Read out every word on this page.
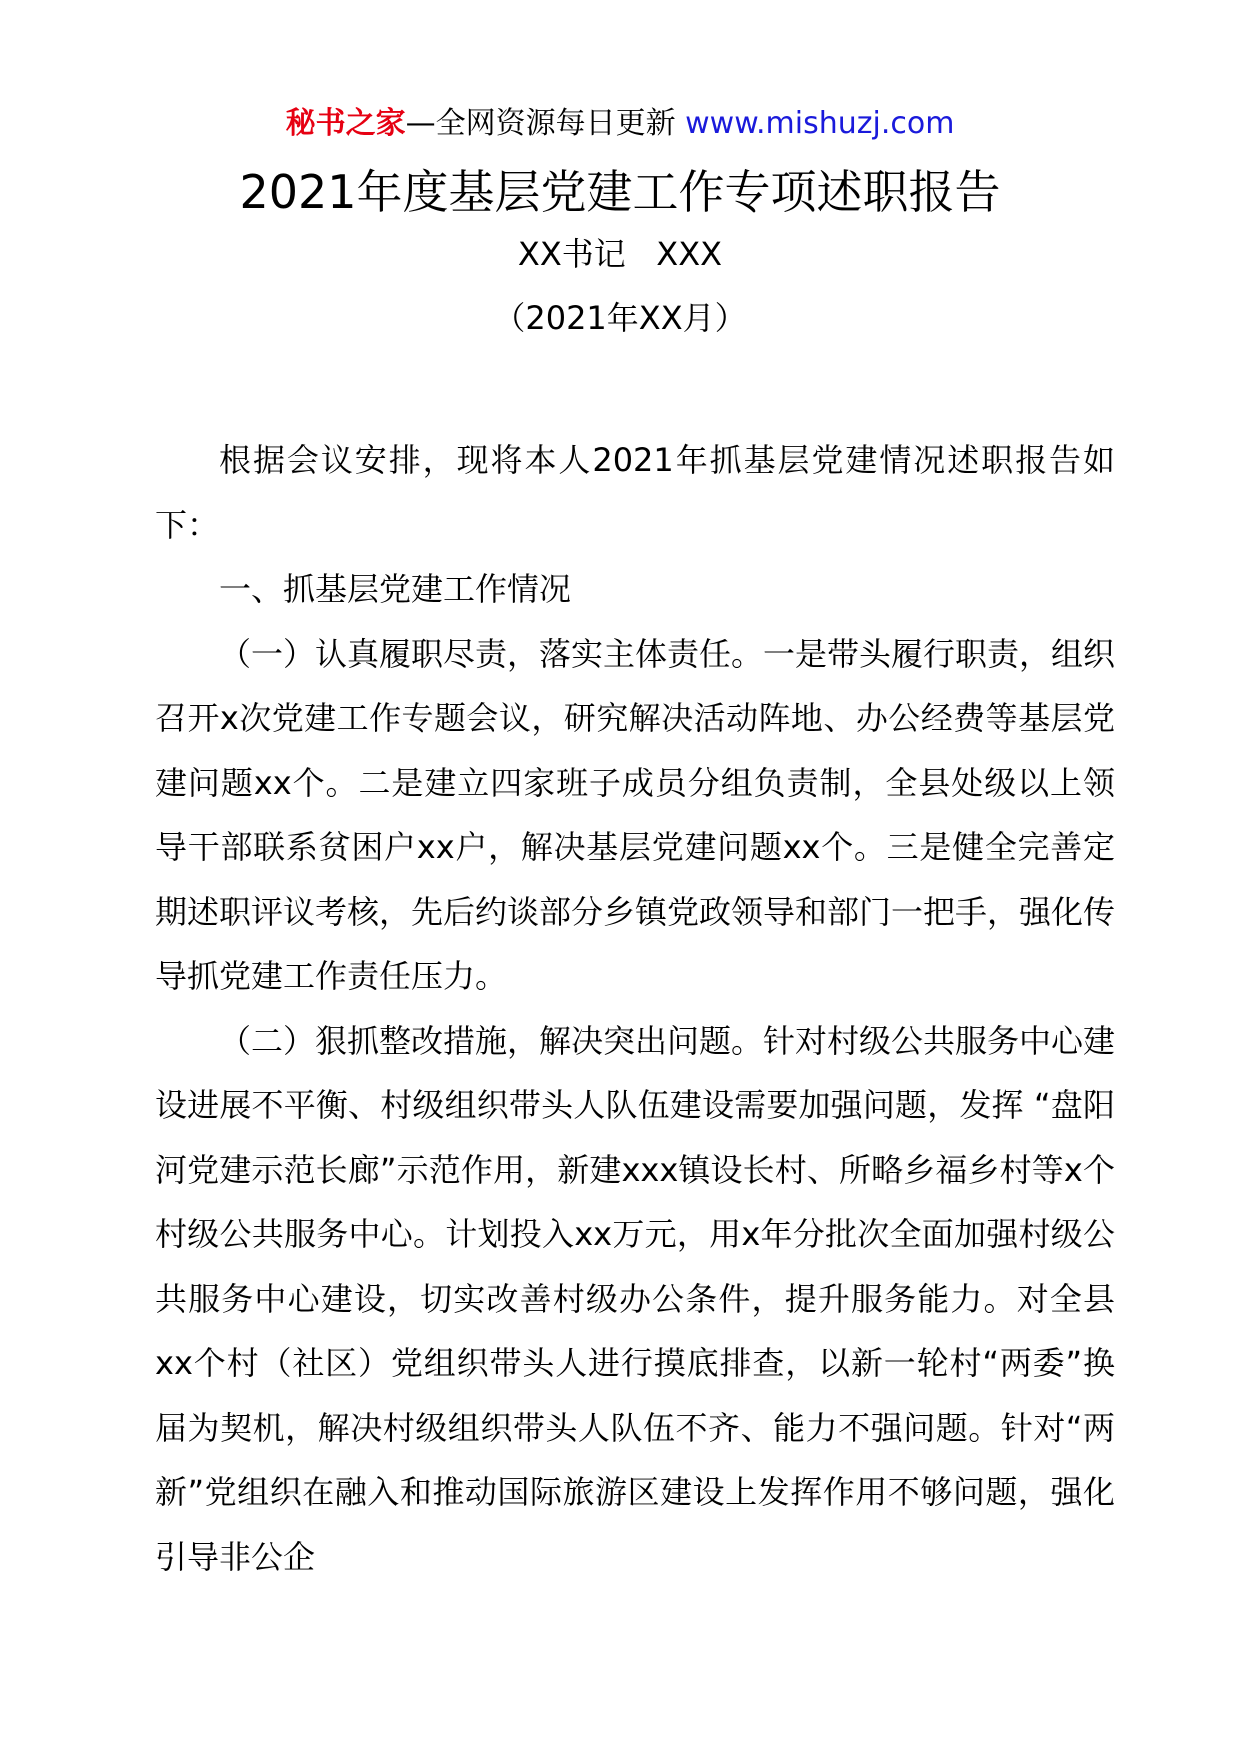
秘书之家—全网资源每日更新 www.mishuzj.com
2021年度基层党建工作专项述职报告
XX书记   XXX
（2021年XX月）

根据会议安排，现将本人2021年抓基层党建情况述职报告如下：

一、抓基层党建工作情况

（一）认真履职尽责，落实主体责任。一是带头履行职责，组织召开x次党建工作专题会议，研究解决活动阵地、办公经费等基层党建问题xx个。二是建立四家班子成员分组负责制，全县处级以上领导干部联系贫困户xx户，解决基层党建问题xx个。三是健全完善定期述职评议考核，先后约谈部分乡镇党政领导和部门一把手，强化传导抓党建工作责任压力。

（二）狠抓整改措施，解决突出问题。针对村级公共服务中心建设进展不平衡、村级组织带头人队伍建设需要加强问题，发挥 “盘阳河党建示范长廊”示范作用，新建xxx镇设长村、所略乡福乡村等x个村级公共服务中心。计划投入xx万元，用x年分批次全面加强村级公共服务中心建设，切实改善村级办公条件，提升服务能力。对全县xx个村（社区）党组织带头人进行摸底排查，以新一轮村“两委”换届为契机，解决村级组织带头人队伍不齐、能力不强问题。针对“两新”党组织在融入和推动国际旅游区建设上发挥作用不够问题，强化引导非公企
